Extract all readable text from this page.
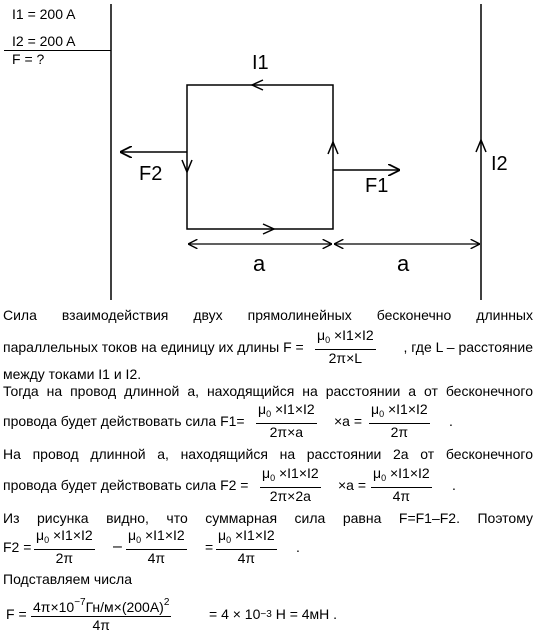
I1
I2
F2
F1
a	a
I1 = 200 A
I2 = 200 A
F = ?
Сила взаимодействия двух прямолинейных бесконечно длинных
параллельных токов на единицу их длины $F = \frac{\mu_0 \times I1\times I2}{2\pi\times L}$ , где L – расстояние
между токами I1 и I2.
Тогда на провод длинной а, находящийся на расстоянии а от бесконечного
провода будет действовать сила $F1= \frac{\mu_0 \times I1\times I2}{2\pi\times a} \times a = \frac{\mu_0 \times I1\times I2}{2\pi}$ .
На провод длинной а, находящийся на расстоянии 2а от бесконечного
провода будет действовать сила $F2 = \frac{\mu_0 \times I1\times I2}{2\pi\times 2a} \times a = \frac{\mu_0 \times I1\times I2}{4\pi}$ .
Из рисунка видно, что суммарная сила равна F=F1–F2. Поэтому
$F2 = \frac{\mu_0 \times I1\times I2}{2\pi} - \frac{\mu_0 \times I1\times I2}{4\pi} = \frac{\mu_0 \times I1\times I2}{4\pi}$ .
Подставляем числа
$F = \frac{4\pi\times 10^{-7}Гн/м\times(200A)^2}{4\pi}$	= 4 × 10 −3
Н = 4мН
.
